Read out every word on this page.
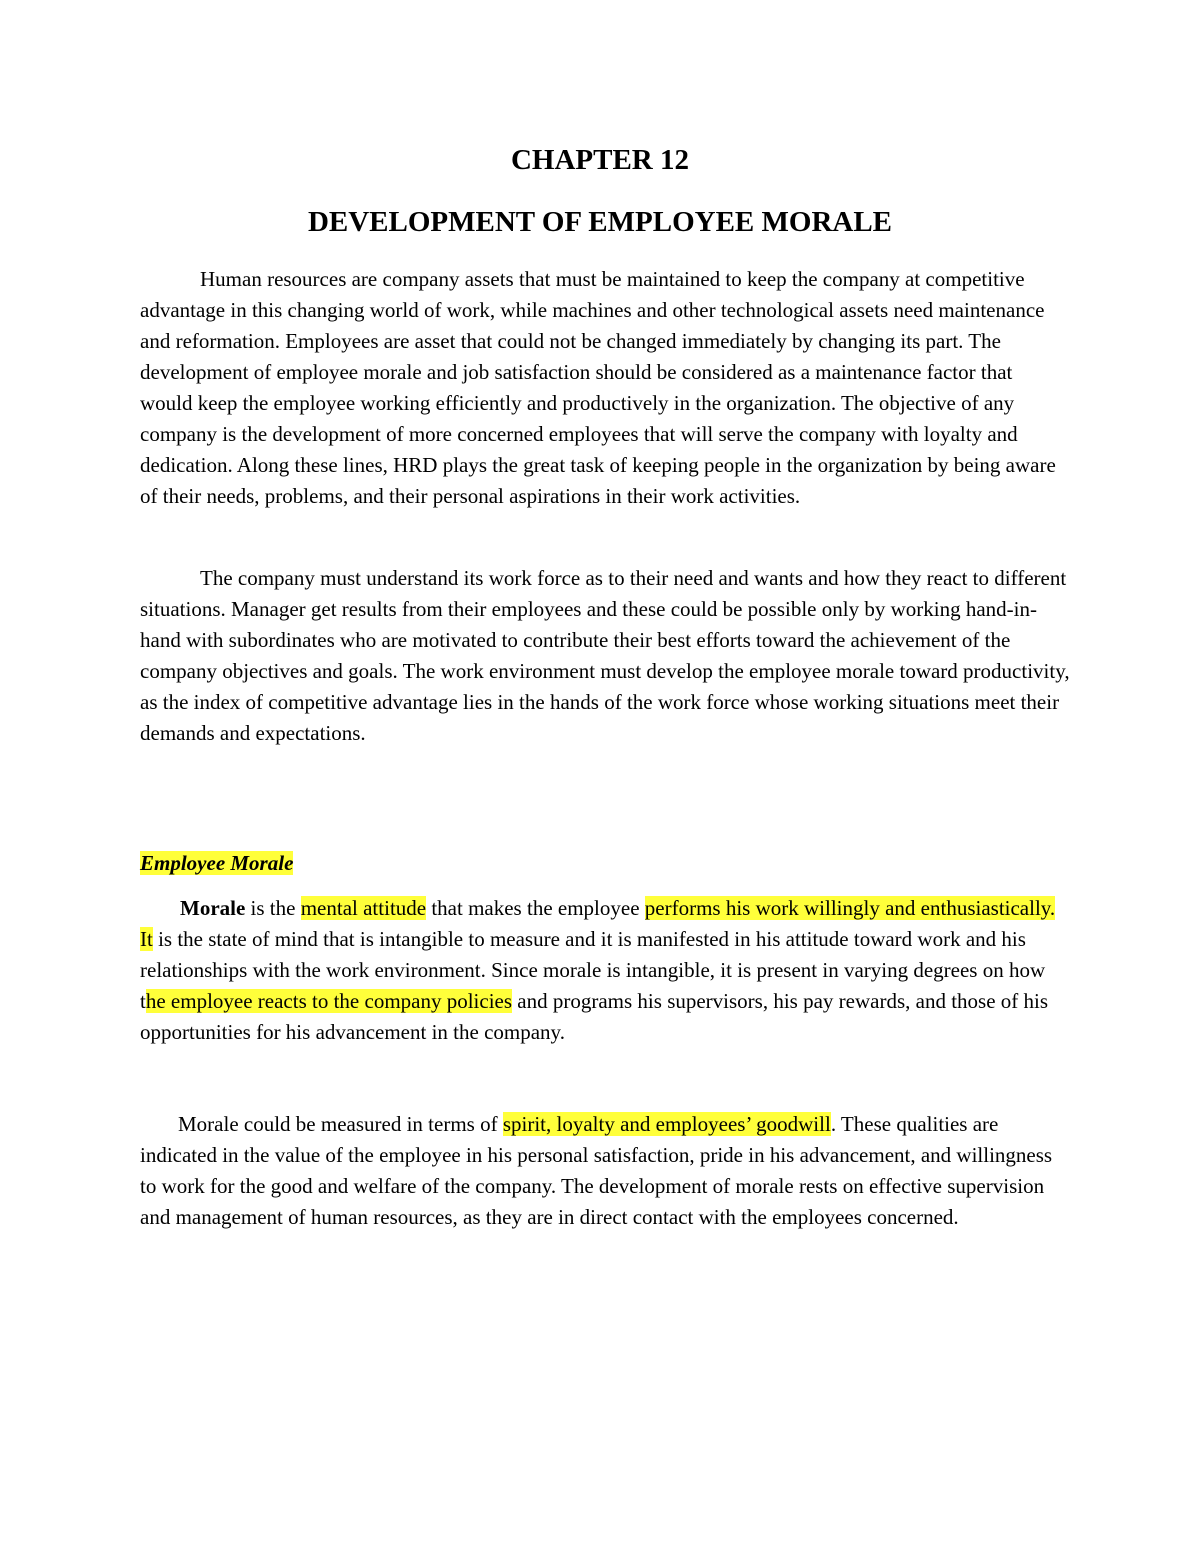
CHAPTER 12
DEVELOPMENT OF EMPLOYEE MORALE

Human resources are company assets that must be maintained to keep the company at competitive advantage in this changing world of work, while machines and other technological assets need maintenance and reformation. Employees are asset that could not be changed immediately by changing its part. The development of employee morale and job satisfaction should be considered as a maintenance factor that would keep the employee working efficiently and productively in the organization. The objective of any company is the development of more concerned employees that will serve the company with loyalty and dedication. Along these lines, HRD plays the great task of keeping people in the organization by being aware of their needs, problems, and their personal aspirations in their work activities.

The company must understand its work force as to their need and wants and how they react to different situations. Manager get results from their employees and these could be possible only by working hand-in-hand with subordinates who are motivated to contribute their best efforts toward the achievement of the company objectives and goals. The work environment must develop the employee morale toward productivity, as the index of competitive advantage lies in the hands of the work force whose working situations meet their demands and expectations.

Employee Morale

Morale is the mental attitude that makes the employee performs his work willingly and enthusiastically. It is the state of mind that is intangible to measure and it is manifested in his attitude toward work and his relationships with the work environment. Since morale is intangible, it is present in varying degrees on how the employee reacts to the company policies and programs his supervisors, his pay rewards, and those of his opportunities for his advancement in the company.

Morale could be measured in terms of spirit, loyalty and employees’ goodwill. These qualities are indicated in the value of the employee in his personal satisfaction, pride in his advancement, and willingness to work for the good and welfare of the company. The development of morale rests on effective supervision and management of human resources, as they are in direct contact with the employees concerned.
